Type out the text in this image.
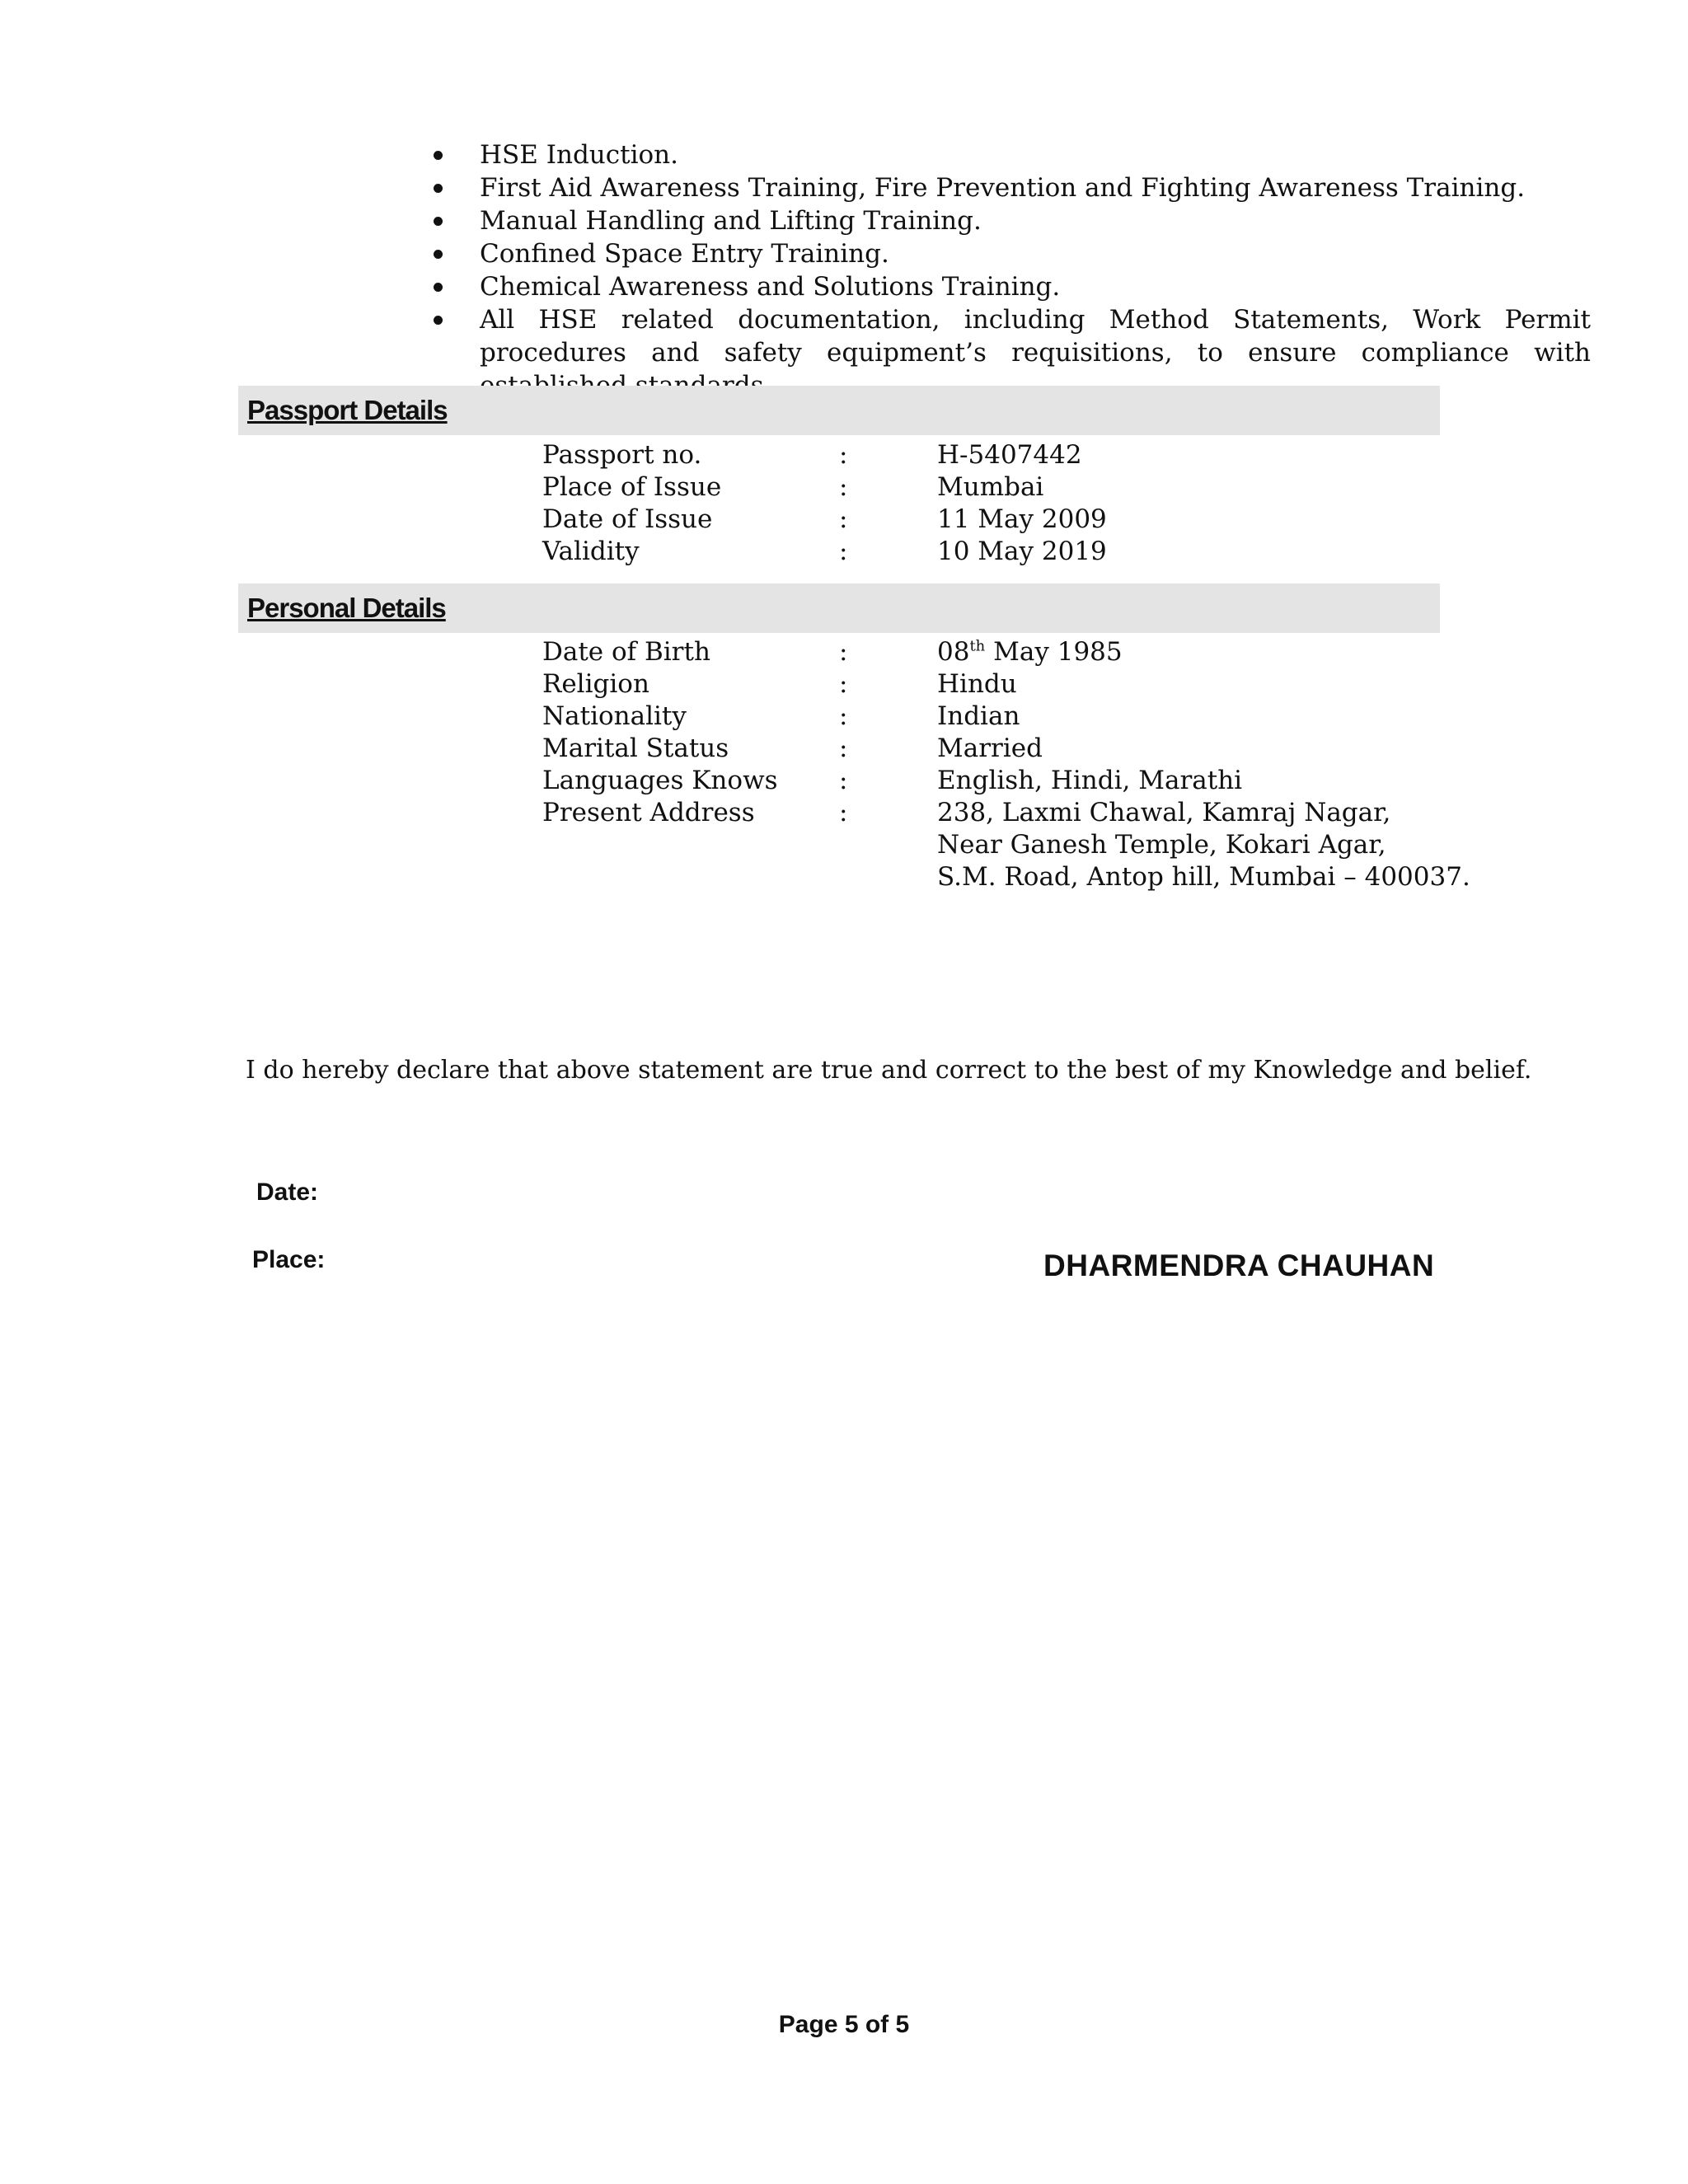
HSE Induction.
First Aid Awareness Training, Fire Prevention and Fighting Awareness Training.
Manual Handling and Lifting Training.
Confined Space Entry Training.
Chemical Awareness and Solutions Training.
All HSE related documentation, including Method Statements, Work Permit procedures and safety equipment’s requisitions, to ensure compliance with
Passport Details
Passport no.	:	H-5407442
Place of Issue	:	Mumbai
Date of Issue	:	11 May 2009
Validity	:	10 May 2019
Personal Details
Date of Birth	:	08th May 1985
Religion	:	Hindu
Nationality	:	Indian
Marital Status	:	Married
Languages Knows :	English, Hindi, Marathi
Present Address	:	238, Laxmi Chawal, Kamraj Nagar,
Near Ganesh Temple, Kokari Agar,
S.M. Road, Antop hill, Mumbai – 400037.
I do hereby declare that above statement are true and correct to the best of my Knowledge and belief.
Date:
Place:	DHARMENDRA CHAUHAN
Page 5 of 5
